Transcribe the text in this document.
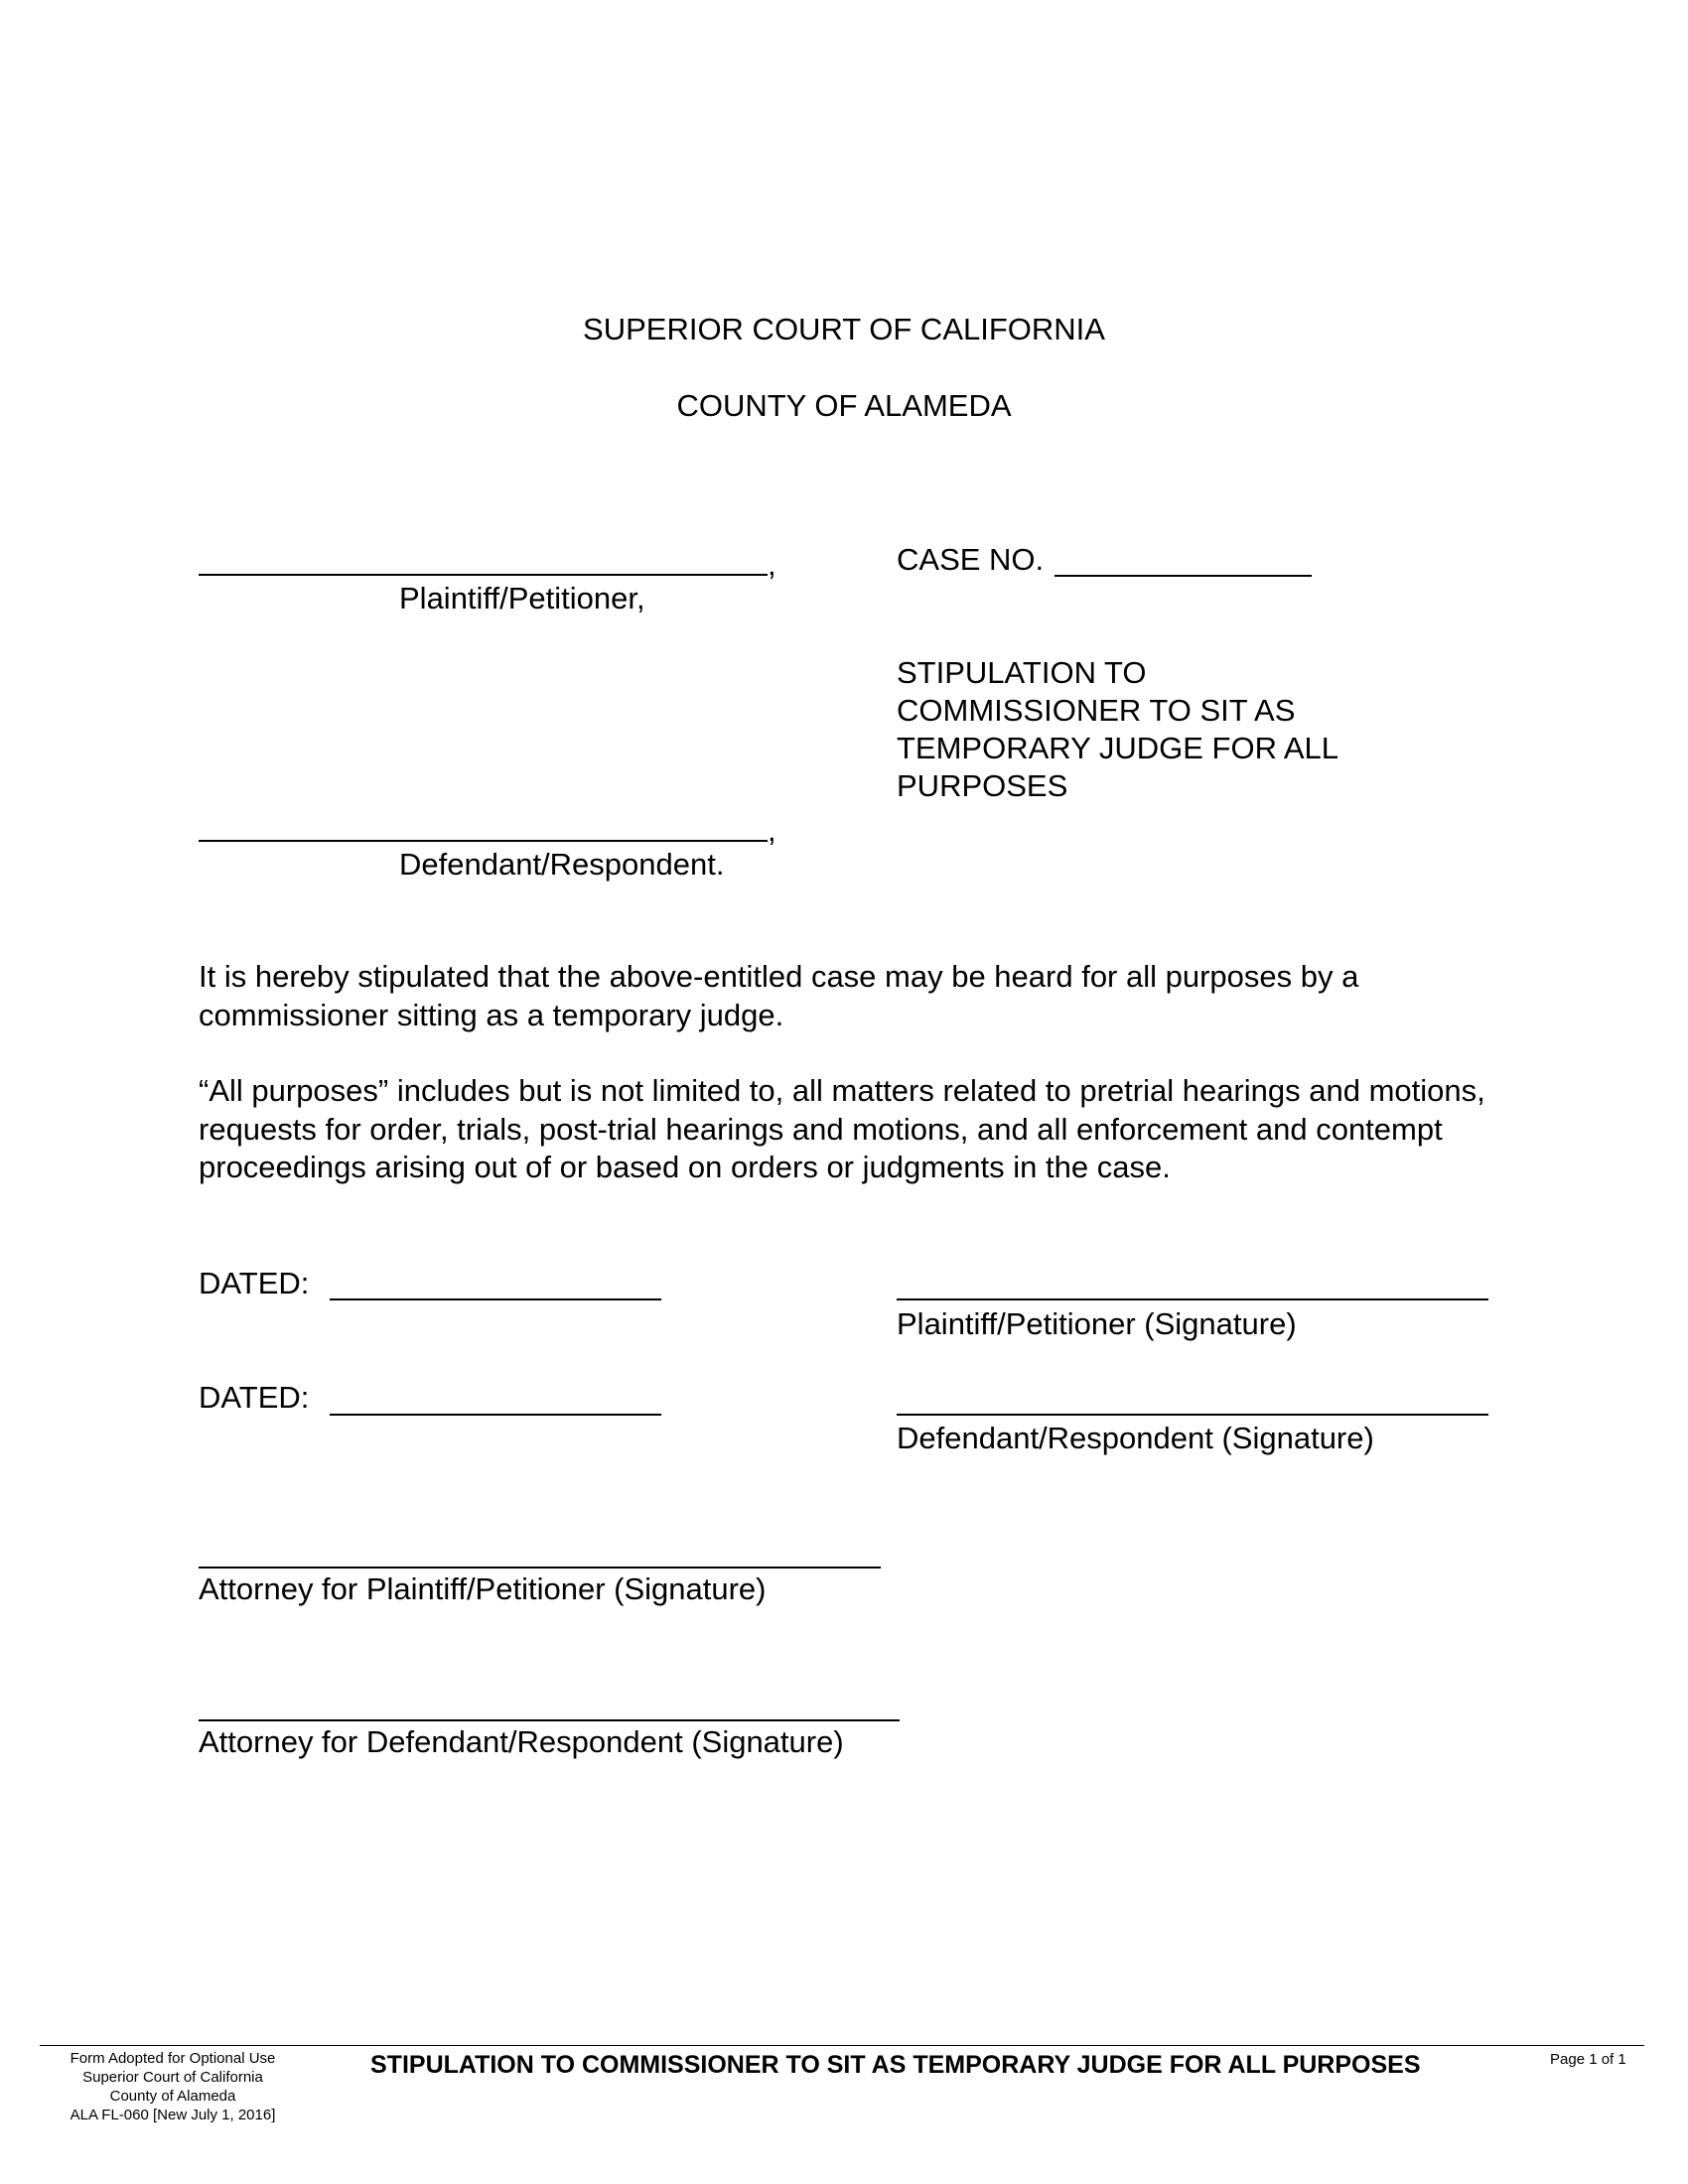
SUPERIOR COURT OF CALIFORNIA
COUNTY OF ALAMEDA
,
Plaintiff/Petitioner,
CASE NO.
STIPULATION TO
COMMISSIONER TO SIT AS
TEMPORARY JUDGE FOR ALL
PURPOSES
,
Defendant/Respondent.
It is hereby stipulated that the above-entitled case may be heard for all purposes by a commissioner sitting as a temporary judge.
“All purposes” includes but is not limited to, all matters related to pretrial hearings and motions, requests for order, trials, post-trial hearings and motions, and all enforcement and contempt proceedings arising out of or based on orders or judgments in the case.
DATED:
Plaintiff/Petitioner (Signature)
DATED:
Defendant/Respondent (Signature)
Attorney for Plaintiff/Petitioner (Signature)
Attorney for Defendant/Respondent (Signature)
Form Adopted for Optional Use
Superior Court of California
County of Alameda
ALA FL-060 [New July 1, 2016]
STIPULATION TO COMMISSIONER TO SIT AS TEMPORARY JUDGE FOR ALL PURPOSES	Page 1 of 1
